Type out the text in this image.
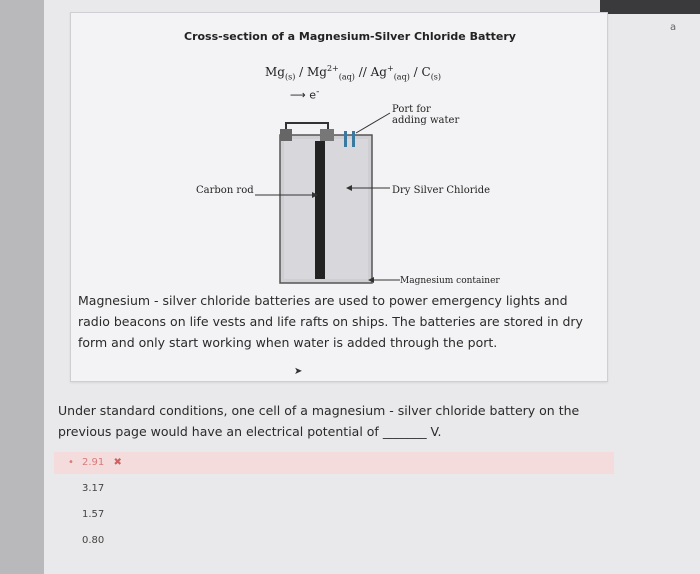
a
Cross-section of a Magnesium-Silver Chloride Battery
$Mg_{(s)} / Mg^{2+}_{(aq)} // Ag^+_{(aq)} / C_{(s)}$
⟶ e-
Port for adding water
Carbon rod	Dry Silver Chloride
Magnesium container
Magnesium - silver chloride batteries are used to power emergency lights and radio beacons on life vests and life rafts on ships. The batteries are stored in dry form and only start working when water is added through the port.
➤
Under standard conditions, one cell of a magnesium - silver chloride battery on the previous page would have an electrical potential of _______ V.
• 2.91 ✖
3.17
1.57
0.80
